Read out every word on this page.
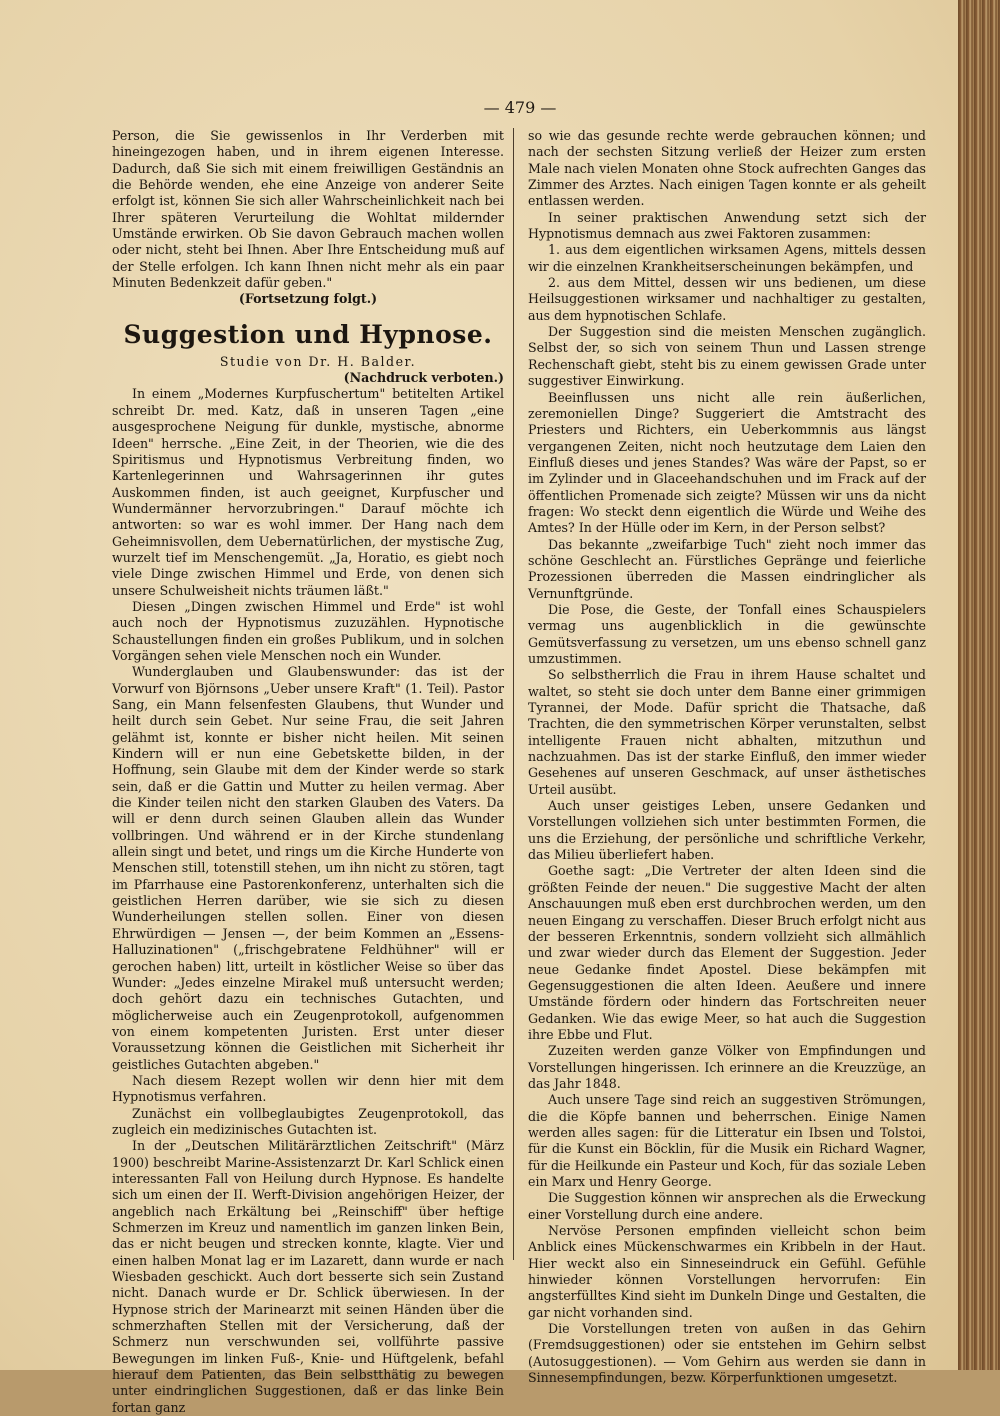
— 479 —

Person, die Sie gewissenlos in Ihr Verderben mit hineingezogen haben, und in ihrem eigenen Interesse. Dadurch, daß Sie sich mit einem freiwilligen Geständnis an die Behörde wenden, ehe eine Anzeige von anderer Seite erfolgt ist, können Sie sich aller Wahrscheinlichkeit nach bei Ihrer späteren Verurteilung die Wohltat mildernder Umstände erwirken. Ob Sie davon Gebrauch machen wollen oder nicht, steht bei Ihnen. Aber Ihre Entscheidung muß auf der Stelle erfolgen. Ich kann Ihnen nicht mehr als ein paar Minuten Bedenkzeit dafür geben."

(Fortsetzung folgt.)

Suggestion und Hypnose.

Studie von Dr. H. Balder.

(Nachdruck verboten.)

In einem „Modernes Kurpfuschertum" betitelten Artikel schreibt Dr. med. Katz, daß in unseren Tagen „eine ausgesprochene Neigung für dunkle, mystische, abnorme Ideen" herrsche. „Eine Zeit, in der Theorien, wie die des Spiritismus und Hypnotismus Verbreitung finden, wo Kartenlegerinnen und Wahrsagerinnen ihr gutes Auskommen finden, ist auch geeignet, Kurpfuscher und Wundermänner hervorzubringen." Darauf möchte ich antworten: so war es wohl immer. Der Hang nach dem Geheimnisvollen, dem Uebernatürlichen, der mystische Zug, wurzelt tief im Menschengemüt. „Ja, Horatio, es giebt noch viele Dinge zwischen Himmel und Erde, von denen sich unsere Schulweisheit nichts träumen läßt."

Diesen „Dingen zwischen Himmel und Erde" ist wohl auch noch der Hypnotismus zuzuzählen. Hypnotische Schaustellungen finden ein großes Publikum, und in solchen Vorgängen sehen viele Menschen noch ein Wunder.

Wunderglauben und Glaubenswunder: das ist der Vorwurf von Björnsons „Ueber unsere Kraft" (1. Teil). Pastor Sang, ein Mann felsenfesten Glaubens, thut Wunder und heilt durch sein Gebet. Nur seine Frau, die seit Jahren gelähmt ist, konnte er bisher nicht heilen. Mit seinen Kindern will er nun eine Gebetskette bilden, in der Hoffnung, sein Glaube mit dem der Kinder werde so stark sein, daß er die Gattin und Mutter zu heilen vermag. Aber die Kinder teilen nicht den starken Glauben des Vaters. Da will er denn durch seinen Glauben allein das Wunder vollbringen. Und während er in der Kirche stundenlang allein singt und betet, und rings um die Kirche Hunderte von Menschen still, totenstill stehen, um ihn nicht zu stören, tagt im Pfarrhause eine Pastorenkonferenz, unterhalten sich die geistlichen Herren darüber, wie sie sich zu diesen Wunderheilungen stellen sollen. Einer von diesen Ehrwürdigen — Jensen —, der beim Kommen an „Essens-Halluzinationen" („frischgebratene Feldhühner" will er gerochen haben) litt, urteilt in köstlicher Weise so über das Wunder: „Jedes einzelne Mirakel muß untersucht werden; doch gehört dazu ein technisches Gutachten, und möglicherweise auch ein Zeugenprotokoll, aufgenommen von einem kompetenten Juristen. Erst unter dieser Voraussetzung können die Geistlichen mit Sicherheit ihr geistliches Gutachten abgeben."

Nach diesem Rezept wollen wir denn hier mit dem Hypnotismus verfahren.

Zunächst ein vollbeglaubigtes Zeugenprotokoll, das zugleich ein medizinisches Gutachten ist.

In der „Deutschen Militärärztlichen Zeitschrift" (März 1900) beschreibt Marine-Assistenzarzt Dr. Karl Schlick einen interessanten Fall von Heilung durch Hypnose. Es handelte sich um einen der II. Werft-Division angehörigen Heizer, der angeblich nach Erkältung bei „Reinschiff" über heftige Schmerzen im Kreuz und namentlich im ganzen linken Bein, das er nicht beugen und strecken konnte, klagte. Vier und einen halben Monat lag er im Lazarett, dann wurde er nach Wiesbaden geschickt. Auch dort besserte sich sein Zustand nicht. Danach wurde er Dr. Schlick überwiesen. In der Hypnose strich der Marinearzt mit seinen Händen über die schmerzhaften Stellen mit der Versicherung, daß der Schmerz nun verschwunden sei, vollführte passive Bewegungen im linken Fuß-, Knie- und Hüftgelenk, befahl hierauf dem Patienten, das Bein selbstthätig zu bewegen unter eindringlichen Suggestionen, daß er das linke Bein fortan ganz

so wie das gesunde rechte werde gebrauchen können; und nach der sechsten Sitzung verließ der Heizer zum ersten Male nach vielen Monaten ohne Stock aufrechten Ganges das Zimmer des Arztes. Nach einigen Tagen konnte er als geheilt entlassen werden.

In seiner praktischen Anwendung setzt sich der Hypnotismus demnach aus zwei Faktoren zusammen:

1. aus dem eigentlichen wirksamen Agens, mittels dessen wir die einzelnen Krankheitserscheinungen bekämpfen, und

2. aus dem Mittel, dessen wir uns bedienen, um diese Heilsuggestionen wirksamer und nachhaltiger zu gestalten, aus dem hypnotischen Schlafe.

Der Suggestion sind die meisten Menschen zugänglich. Selbst der, so sich von seinem Thun und Lassen strenge Rechenschaft giebt, steht bis zu einem gewissen Grade unter suggestiver Einwirkung.

Beeinflussen uns nicht alle rein äußerlichen, zeremoniellen Dinge? Suggeriert die Amtstracht des Priesters und Richters, ein Ueberkommnis aus längst vergangenen Zeiten, nicht noch heutzutage dem Laien den Einfluß dieses und jenes Standes? Was wäre der Papst, so er im Zylinder und in Glaceehandschuhen und im Frack auf der öffentlichen Promenade sich zeigte? Müssen wir uns da nicht fragen: Wo steckt denn eigentlich die Würde und Weihe des Amtes? In der Hülle oder im Kern, in der Person selbst?

Das bekannte „zweifarbige Tuch" zieht noch immer das schöne Geschlecht an. Fürstliches Gepränge und feierliche Prozessionen überreden die Massen eindringlicher als Vernunftgründe.

Die Pose, die Geste, der Tonfall eines Schauspielers vermag uns augenblicklich in die gewünschte Gemütsverfassung zu versetzen, um uns ebenso schnell ganz umzustimmen.

So selbstherrlich die Frau in ihrem Hause schaltet und waltet, so steht sie doch unter dem Banne einer grimmigen Tyrannei, der Mode. Dafür spricht die Thatsache, daß Trachten, die den symmetrischen Körper verunstalten, selbst intelligente Frauen nicht abhalten, mitzuthun und nachzuahmen. Das ist der starke Einfluß, den immer wieder Gesehenes auf unseren Geschmack, auf unser ästhetisches Urteil ausübt.

Auch unser geistiges Leben, unsere Gedanken und Vorstellungen vollziehen sich unter bestimmten Formen, die uns die Erziehung, der persönliche und schriftliche Verkehr, das Milieu überliefert haben.

Goethe sagt: „Die Vertreter der alten Ideen sind die größten Feinde der neuen." Die suggestive Macht der alten Anschauungen muß eben erst durchbrochen werden, um den neuen Eingang zu verschaffen. Dieser Bruch erfolgt nicht aus der besseren Erkenntnis, sondern vollzieht sich allmählich und zwar wieder durch das Element der Suggestion. Jeder neue Gedanke findet Apostel. Diese bekämpfen mit Gegensuggestionen die alten Ideen. Aeußere und innere Umstände fördern oder hindern das Fortschreiten neuer Gedanken. Wie das ewige Meer, so hat auch die Suggestion ihre Ebbe und Flut.

Zuzeiten werden ganze Völker von Empfindungen und Vorstellungen hingerissen. Ich erinnere an die Kreuzzüge, an das Jahr 1848.

Auch unsere Tage sind reich an suggestiven Strömungen, die die Köpfe bannen und beherrschen. Einige Namen werden alles sagen: für die Litteratur ein Ibsen und Tolstoi, für die Kunst ein Böcklin, für die Musik ein Richard Wagner, für die Heilkunde ein Pasteur und Koch, für das soziale Leben ein Marx und Henry George.

Die Suggestion können wir ansprechen als die Erweckung einer Vorstellung durch eine andere.

Nervöse Personen empfinden vielleicht schon beim Anblick eines Mückenschwarmes ein Kribbeln in der Haut. Hier weckt also ein Sinneseindruck ein Gefühl. Gefühle hinwieder können Vorstellungen hervorrufen: Ein angsterfülltes Kind sieht im Dunkeln Dinge und Gestalten, die gar nicht vorhanden sind.

Die Vorstellungen treten von außen in das Gehirn (Fremdsuggestionen) oder sie entstehen im Gehirn selbst (Autosuggestionen). — Vom Gehirn aus werden sie dann in Sinnesempfindungen, bezw. Körperfunktionen umgesetzt.
